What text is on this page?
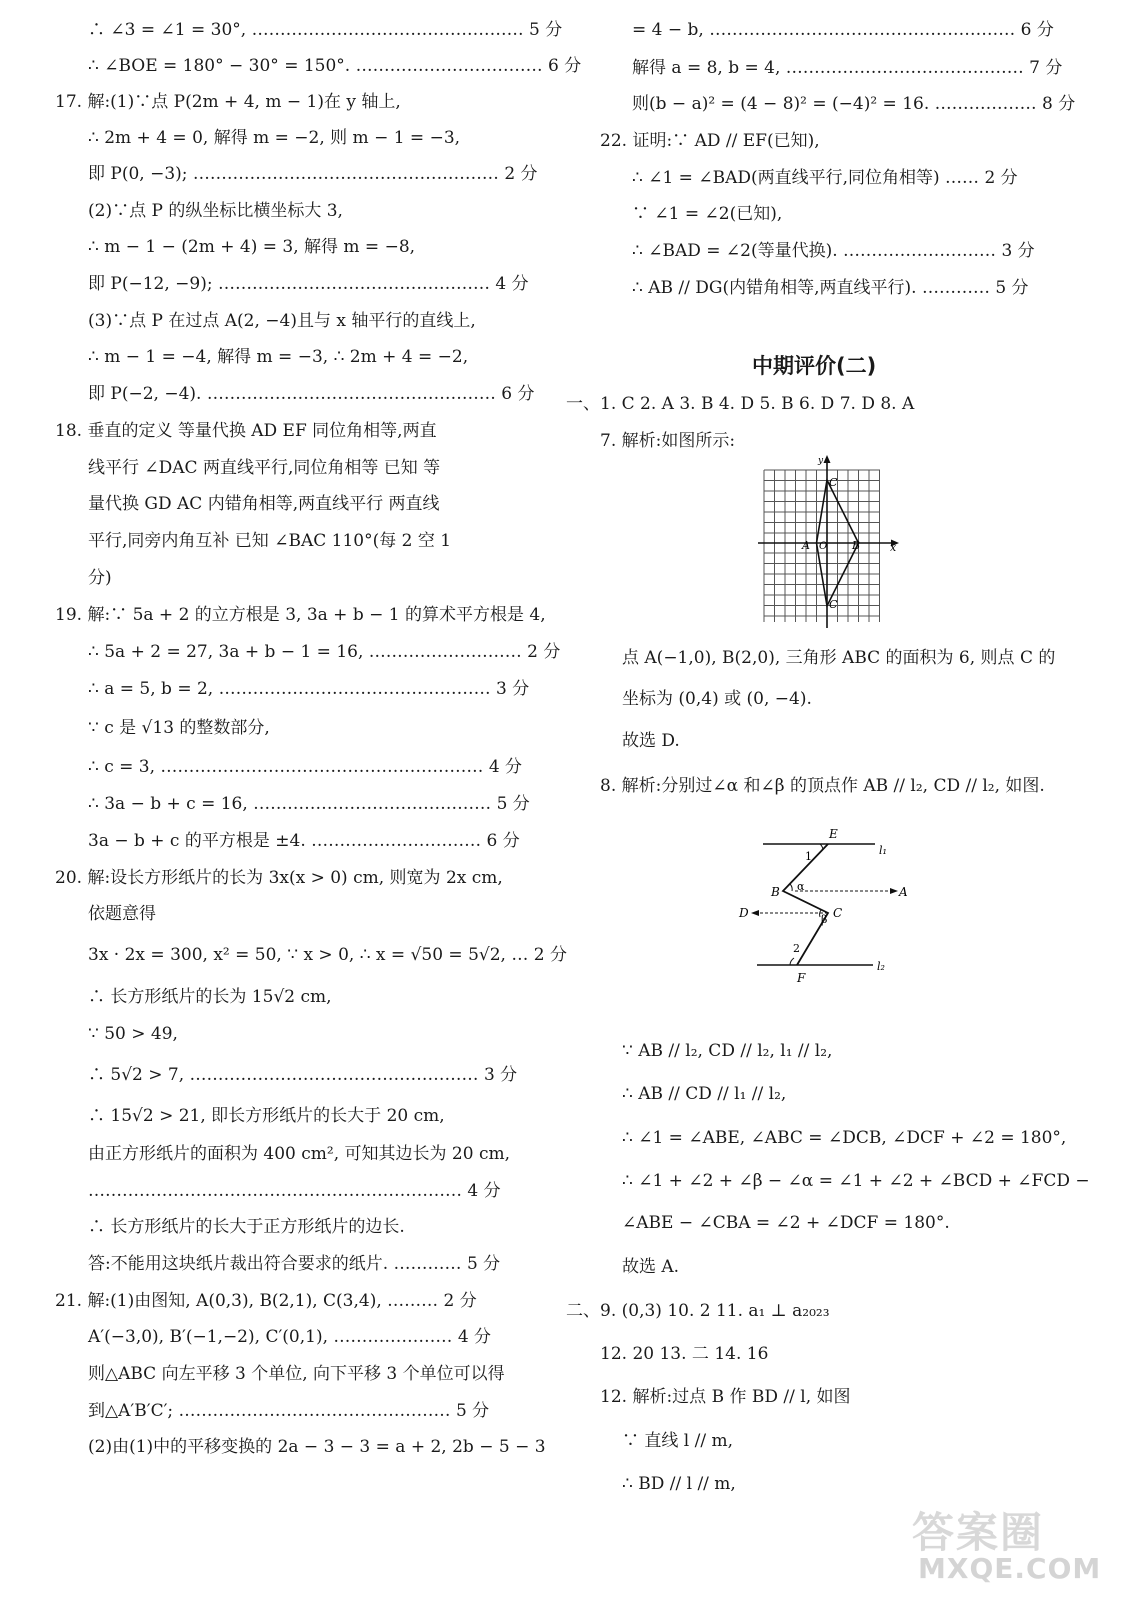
∴ ∠3 = ∠1 = 30°, ………………………………………… 5 分
∴ ∠BOE = 180° − 30° = 150°. …………………………… 6 分
17. 解:(1)∵点 P(2m + 4, m − 1)在 y 轴上,
∴ 2m + 4 = 0, 解得 m = −2, 则 m − 1 = −3,
即 P(0, −3); ……………………………………………… 2 分
(2)∵点 P 的纵坐标比横坐标大 3,
∴ m − 1 − (2m + 4) = 3, 解得 m = −8,
即 P(−12, −9); ………………………………………… 4 分
(3)∵点 P 在过点 A(2, −4)且与 x 轴平行的直线上,
∴ m − 1 = −4, 解得 m = −3, ∴ 2m + 4 = −2,
即 P(−2, −4). …………………………………………… 6 分
18. 垂直的定义 等量代换 AD EF 同位角相等,两直
线平行 ∠DAC 两直线平行,同位角相等 已知 等
量代换 GD AC 内错角相等,两直线平行 两直线
平行,同旁内角互补 已知 ∠BAC 110°(每 2 空 1
分)
19. 解:∵ 5a + 2 的立方根是 3, 3a + b − 1 的算术平方根是 4,
∴ 5a + 2 = 27, 3a + b − 1 = 16, ……………………… 2 分
∴ a = 5, b = 2, ………………………………………… 3 分
∵ c 是 √13 的整数部分,
∴ c = 3, ………………………………………………… 4 分
∴ 3a − b + c = 16, …………………………………… 5 分
3a − b + c 的平方根是 ±4. ………………………… 6 分
20. 解:设长方形纸片的长为 3x(x > 0) cm, 则宽为 2x cm,
依题意得
3x · 2x = 300, x² = 50, ∵ x > 0, ∴ x = √50 = 5√2, … 2 分
∴ 长方形纸片的长为 15√2 cm,
∵ 50 > 49,
∴ 5√2 > 7, …………………………………………… 3 分
∴ 15√2 > 21, 即长方形纸片的长大于 20 cm,
由正方形纸片的面积为 400 cm², 可知其边长为 20 cm,
………………………………………………………… 4 分
∴ 长方形纸片的长大于正方形纸片的边长.
答:不能用这块纸片裁出符合要求的纸片. ………… 5 分
21. 解:(1)由图知, A(0,3), B(2,1), C(3,4), ……… 2 分
A′(−3,0), B′(−1,−2), C′(0,1), ………………… 4 分
则△ABC 向左平移 3 个单位, 向下平移 3 个单位可以得
到△A′B′C′; ………………………………………… 5 分
(2)由(1)中的平移变换的 2a − 3 − 3 = a + 2, 2b − 5 − 3
= 4 − b, ……………………………………………… 6 分
解得 a = 8, b = 4, …………………………………… 7 分
则(b − a)² = (4 − 8)² = (−4)² = 16. ……………… 8 分
22. 证明:∵ AD // EF(已知),
∴ ∠1 = ∠BAD(两直线平行,同位角相等) …… 2 分
∵ ∠1 = ∠2(已知),
∴ ∠BAD = ∠2(等量代换). ……………………… 3 分
∴ AB // DG(内错角相等,两直线平行). ………… 5 分
中期评价(二)
一、1. C 2. A 3. B 4. D 5. B 6. D 7. D 8. A
7. 解析:如图所示:
y
x
A O B
C
C
点 A(−1,0), B(2,0), 三角形 ABC 的面积为 6, 则点 C 的
坐标为 (0,4) 或 (0, −4).
故选 D.
8. 解析:分别过∠α 和∠β 的顶点作 AB // l₂, CD // l₂, 如图.
E
l₁
1
B α	A
D	β C
2
F
l₂
∵ AB // l₂, CD // l₂, l₁ // l₂,
∴ AB // CD // l₁ // l₂,
∴ ∠1 = ∠ABE, ∠ABC = ∠DCB, ∠DCF + ∠2 = 180°,
∴ ∠1 + ∠2 + ∠β − ∠α = ∠1 + ∠2 + ∠BCD + ∠FCD −
∠ABE − ∠CBA = ∠2 + ∠DCF = 180°.
故选 A.
二、9. (0,3) 10. 2 11. a₁ ⊥ a₂₀₂₃
12. 20 13. 二 14. 16
12. 解析:过点 B 作 BD // l, 如图
∵ 直线 l // m,
∴ BD // l // m,
答案圈
MXQE.COM
